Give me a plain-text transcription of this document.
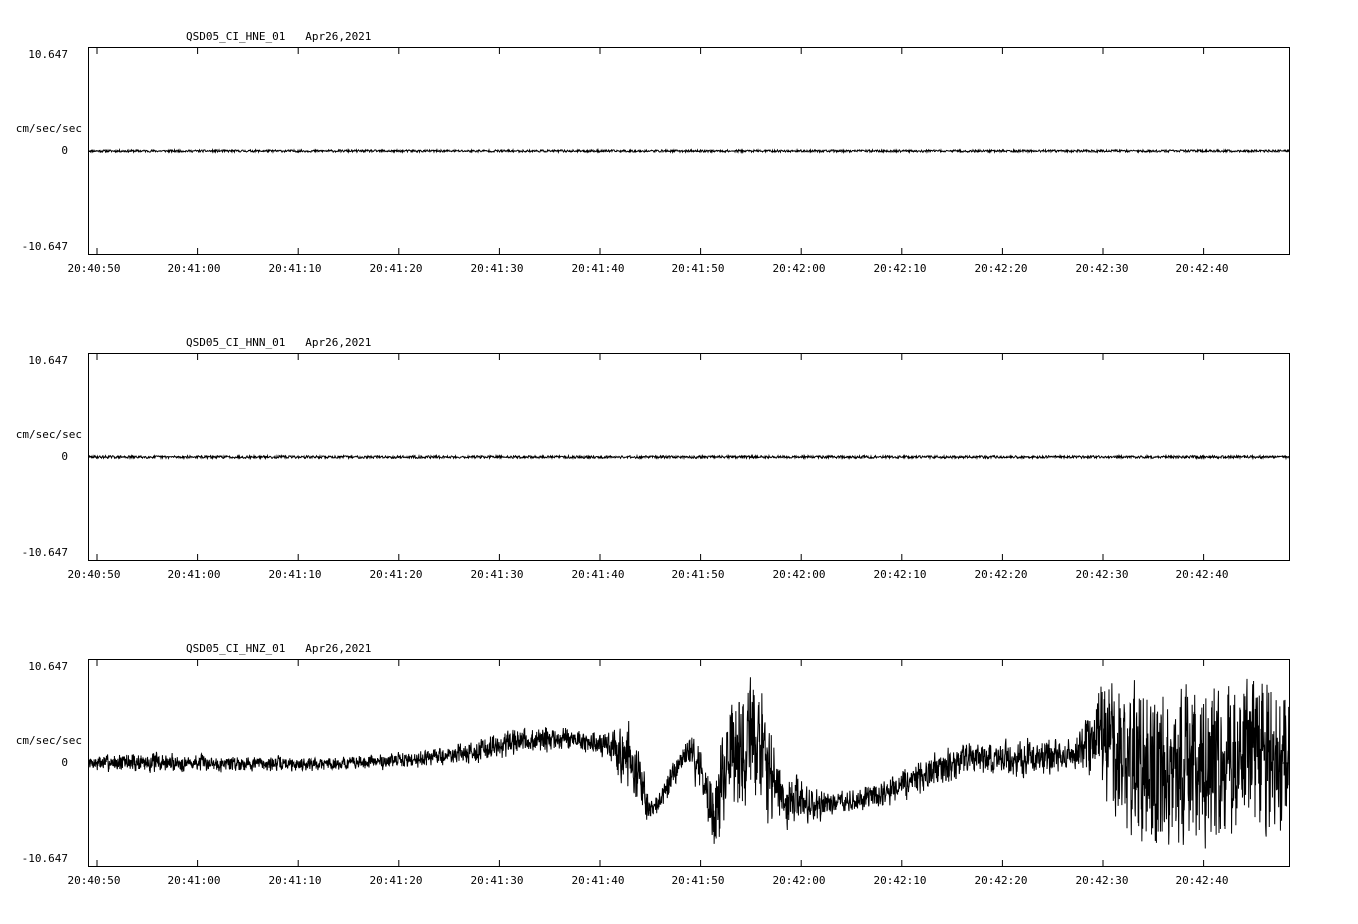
QSD05_CI_HNE_01   Apr26,2021
cm/sec/sec
10.647
0
-10.647
20:40:50	20:41:00	20:41:10	20:41:20	20:41:30	20:41:40	20:41:50	20:42:00	20:42:10	20:42:20	20:42:30	20:42:40
QSD05_CI_HNN_01   Apr26,2021
cm/sec/sec
10.647
0
-10.647
20:40:50	20:41:00	20:41:10	20:41:20	20:41:30	20:41:40	20:41:50	20:42:00	20:42:10	20:42:20	20:42:30	20:42:40
QSD05_CI_HNZ_01   Apr26,2021
cm/sec/sec
10.647
0
-10.647
20:40:50	20:41:00	20:41:10	20:41:20	20:41:30	20:41:40	20:41:50	20:42:00	20:42:10	20:42:20	20:42:30	20:42:40
